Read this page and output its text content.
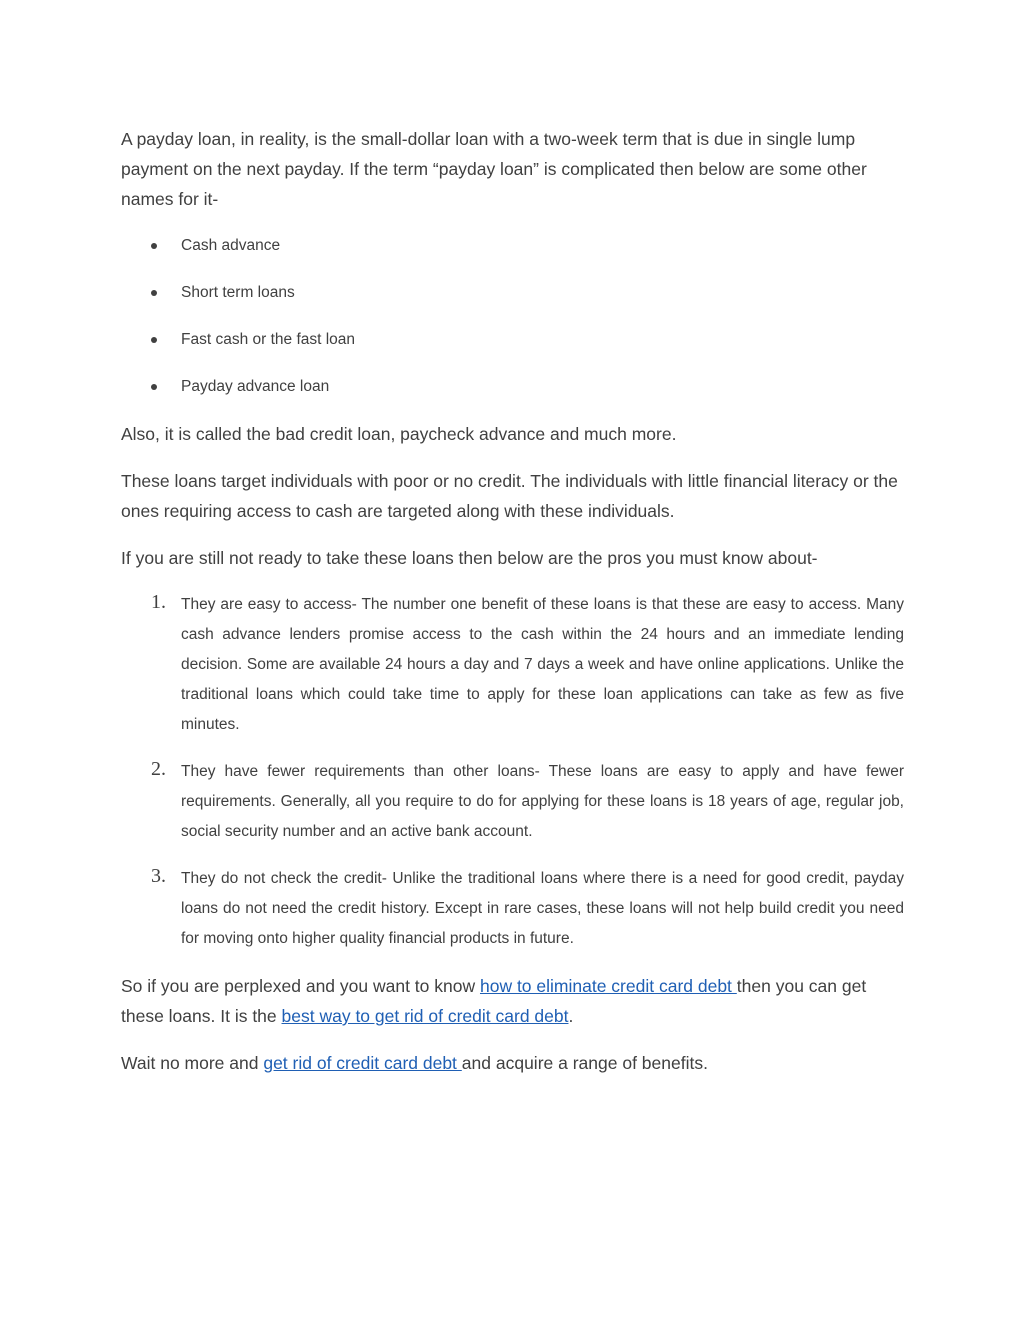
A payday loan, in reality, is the small-dollar loan with a two-week term that is due in single lump payment on the next payday. If the term “payday loan” is complicated then below are some other names for it-

Cash advance
Short term loans
Fast cash or the fast loan
Payday advance loan

Also, it is called the bad credit loan, paycheck advance and much more.

These loans target individuals with poor or no credit. The individuals with little financial literacy or the ones requiring access to cash are targeted along with these individuals.

If you are still not ready to take these loans then below are the pros you must know about-

1. They are easy to access- The number one benefit of these loans is that these are easy to access. Many cash advance lenders promise access to the cash within the 24 hours and an immediate lending decision. Some are available 24 hours a day and 7 days a week and have online applications. Unlike the traditional loans which could take time to apply for these loan applications can take as few as five minutes.
2. They have fewer requirements than other loans- These loans are easy to apply and have fewer requirements. Generally, all you require to do for applying for these loans is 18 years of age, regular job, social security number and an active bank account.
3. They do not check the credit- Unlike the traditional loans where there is a need for good credit, payday loans do not need the credit history. Except in rare cases, these loans will not help build credit you need for moving onto higher quality financial products in future.

So if you are perplexed and you want to know how to eliminate credit card debt then you can get these loans. It is the best way to get rid of credit card debt.

Wait no more and get rid of credit card debt and acquire a range of benefits.
